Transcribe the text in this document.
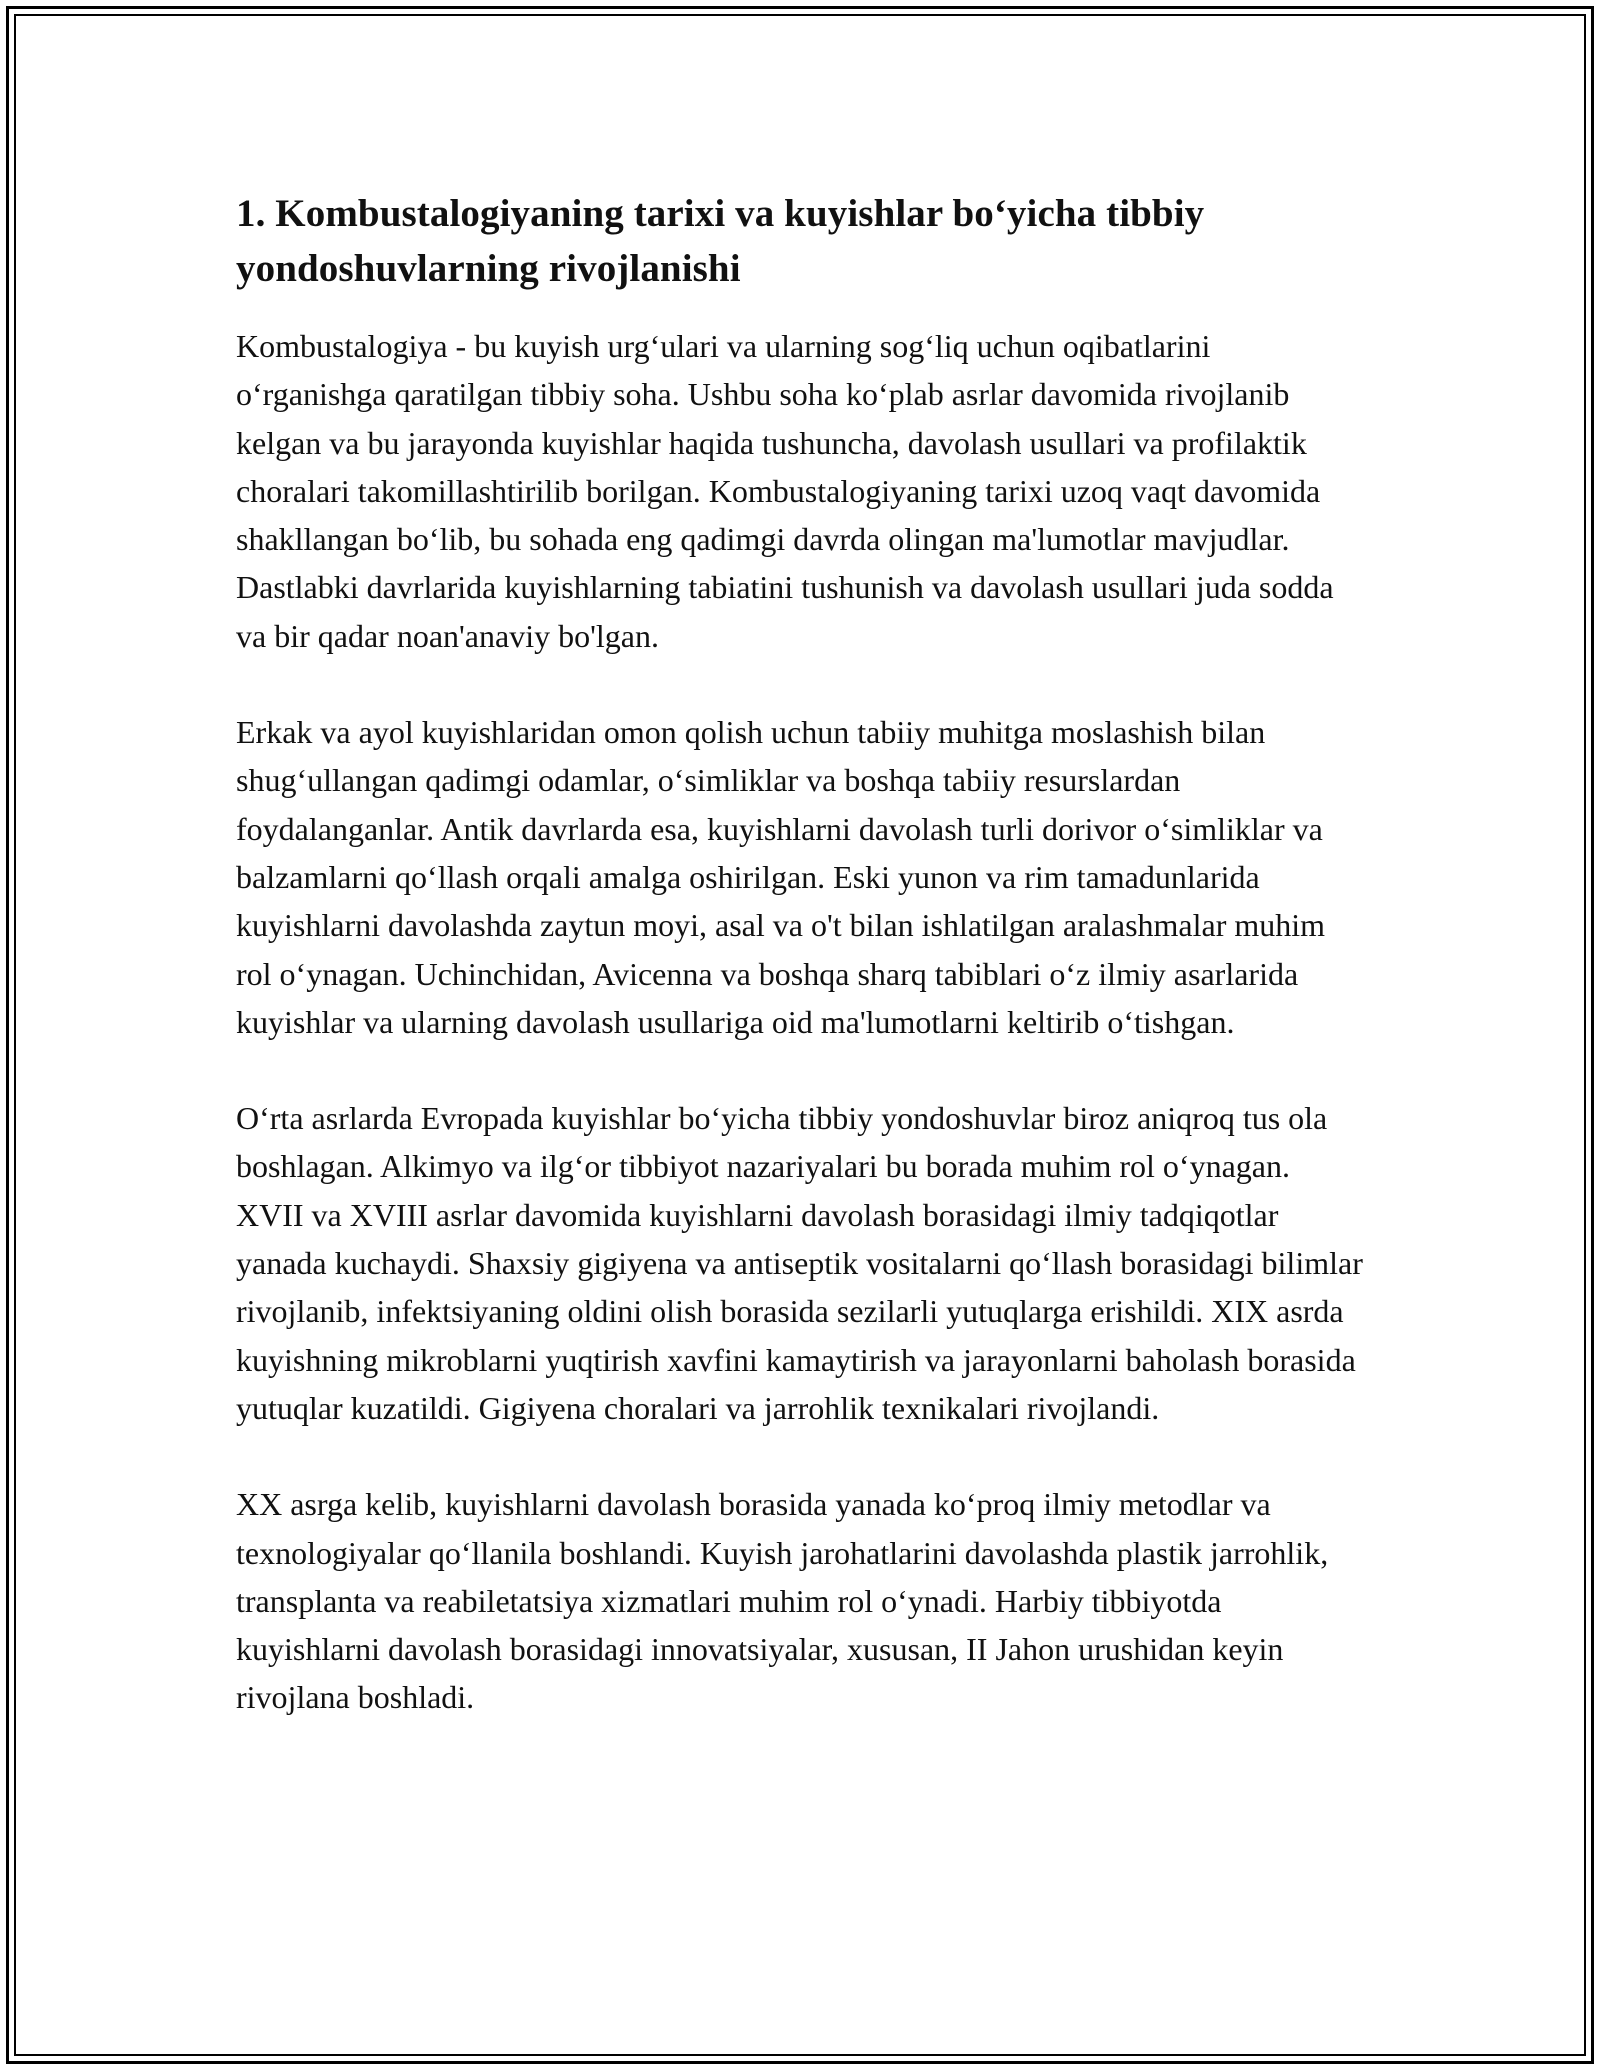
1. Kombustalogiyaning tarixi va kuyishlar bo‘yicha tibbiy yondoshuvlarning rivojlanishi

Kombustalogiya - bu kuyish urg‘ulari va ularning sog‘liq uchun oqibatlarini o‘rganishga qaratilgan tibbiy soha. Ushbu soha ko‘plab asrlar davomida rivojlanib kelgan va bu jarayonda kuyishlar haqida tushuncha, davolash usullari va profilaktik choralari takomillashtirilib borilgan. Kombustalogiyaning tarixi uzoq vaqt davomida shakllangan bo‘lib, bu sohada eng qadimgi davrda olingan ma'lumotlar mavjudlar. Dastlabki davrlarida kuyishlarning tabiatini tushunish va davolash usullari juda sodda va bir qadar noan'anaviy bo'lgan.

Erkak va ayol kuyishlaridan omon qolish uchun tabiiy muhitga moslashish bilan shug‘ullangan qadimgi odamlar, o‘simliklar va boshqa tabiiy resurslardan foydalanganlar. Antik davrlarda esa, kuyishlarni davolash turli dorivor o‘simliklar va balzamlarni qo‘llash orqali amalga oshirilgan. Eski yunon va rim tamadunlarida kuyishlarni davolashda zaytun moyi, asal va o't bilan ishlatilgan aralashmalar muhim rol o‘ynagan. Uchinchidan, Avicenna va boshqa sharq tabiblari o‘z ilmiy asarlarida kuyishlar va ularning davolash usullariga oid ma'lumotlarni keltirib o‘tishgan.

O‘rta asrlarda Evropada kuyishlar bo‘yicha tibbiy yondoshuvlar biroz aniqroq tus ola boshlagan. Alkimyo va ilg‘or tibbiyot nazariyalari bu borada muhim rol o‘ynagan. XVII va XVIII asrlar davomida kuyishlarni davolash borasidagi ilmiy tadqiqotlar yanada kuchaydi. Shaxsiy gigiyena va antiseptik vositalarni qo‘llash borasidagi bilimlar rivojlanib, infektsiyaning oldini olish borasida sezilarli yutuqlarga erishildi. XIX asrda kuyishning mikroblarni yuqtirish xavfini kamaytirish va jarayonlarni baholash borasida yutuqlar kuzatildi. Gigiyena choralari va jarrohlik texnikalari rivojlandi.

XX asrga kelib, kuyishlarni davolash borasida yanada ko‘proq ilmiy metodlar va texnologiyalar qo‘llanila boshlandi. Kuyish jarohatlarini davolashda plastik jarrohlik, transplanta va reabiletatsiya xizmatlari muhim rol o‘ynadi. Harbiy tibbiyotda kuyishlarni davolash borasidagi innovatsiyalar, xususan, II Jahon urushidan keyin rivojlana boshladi.
